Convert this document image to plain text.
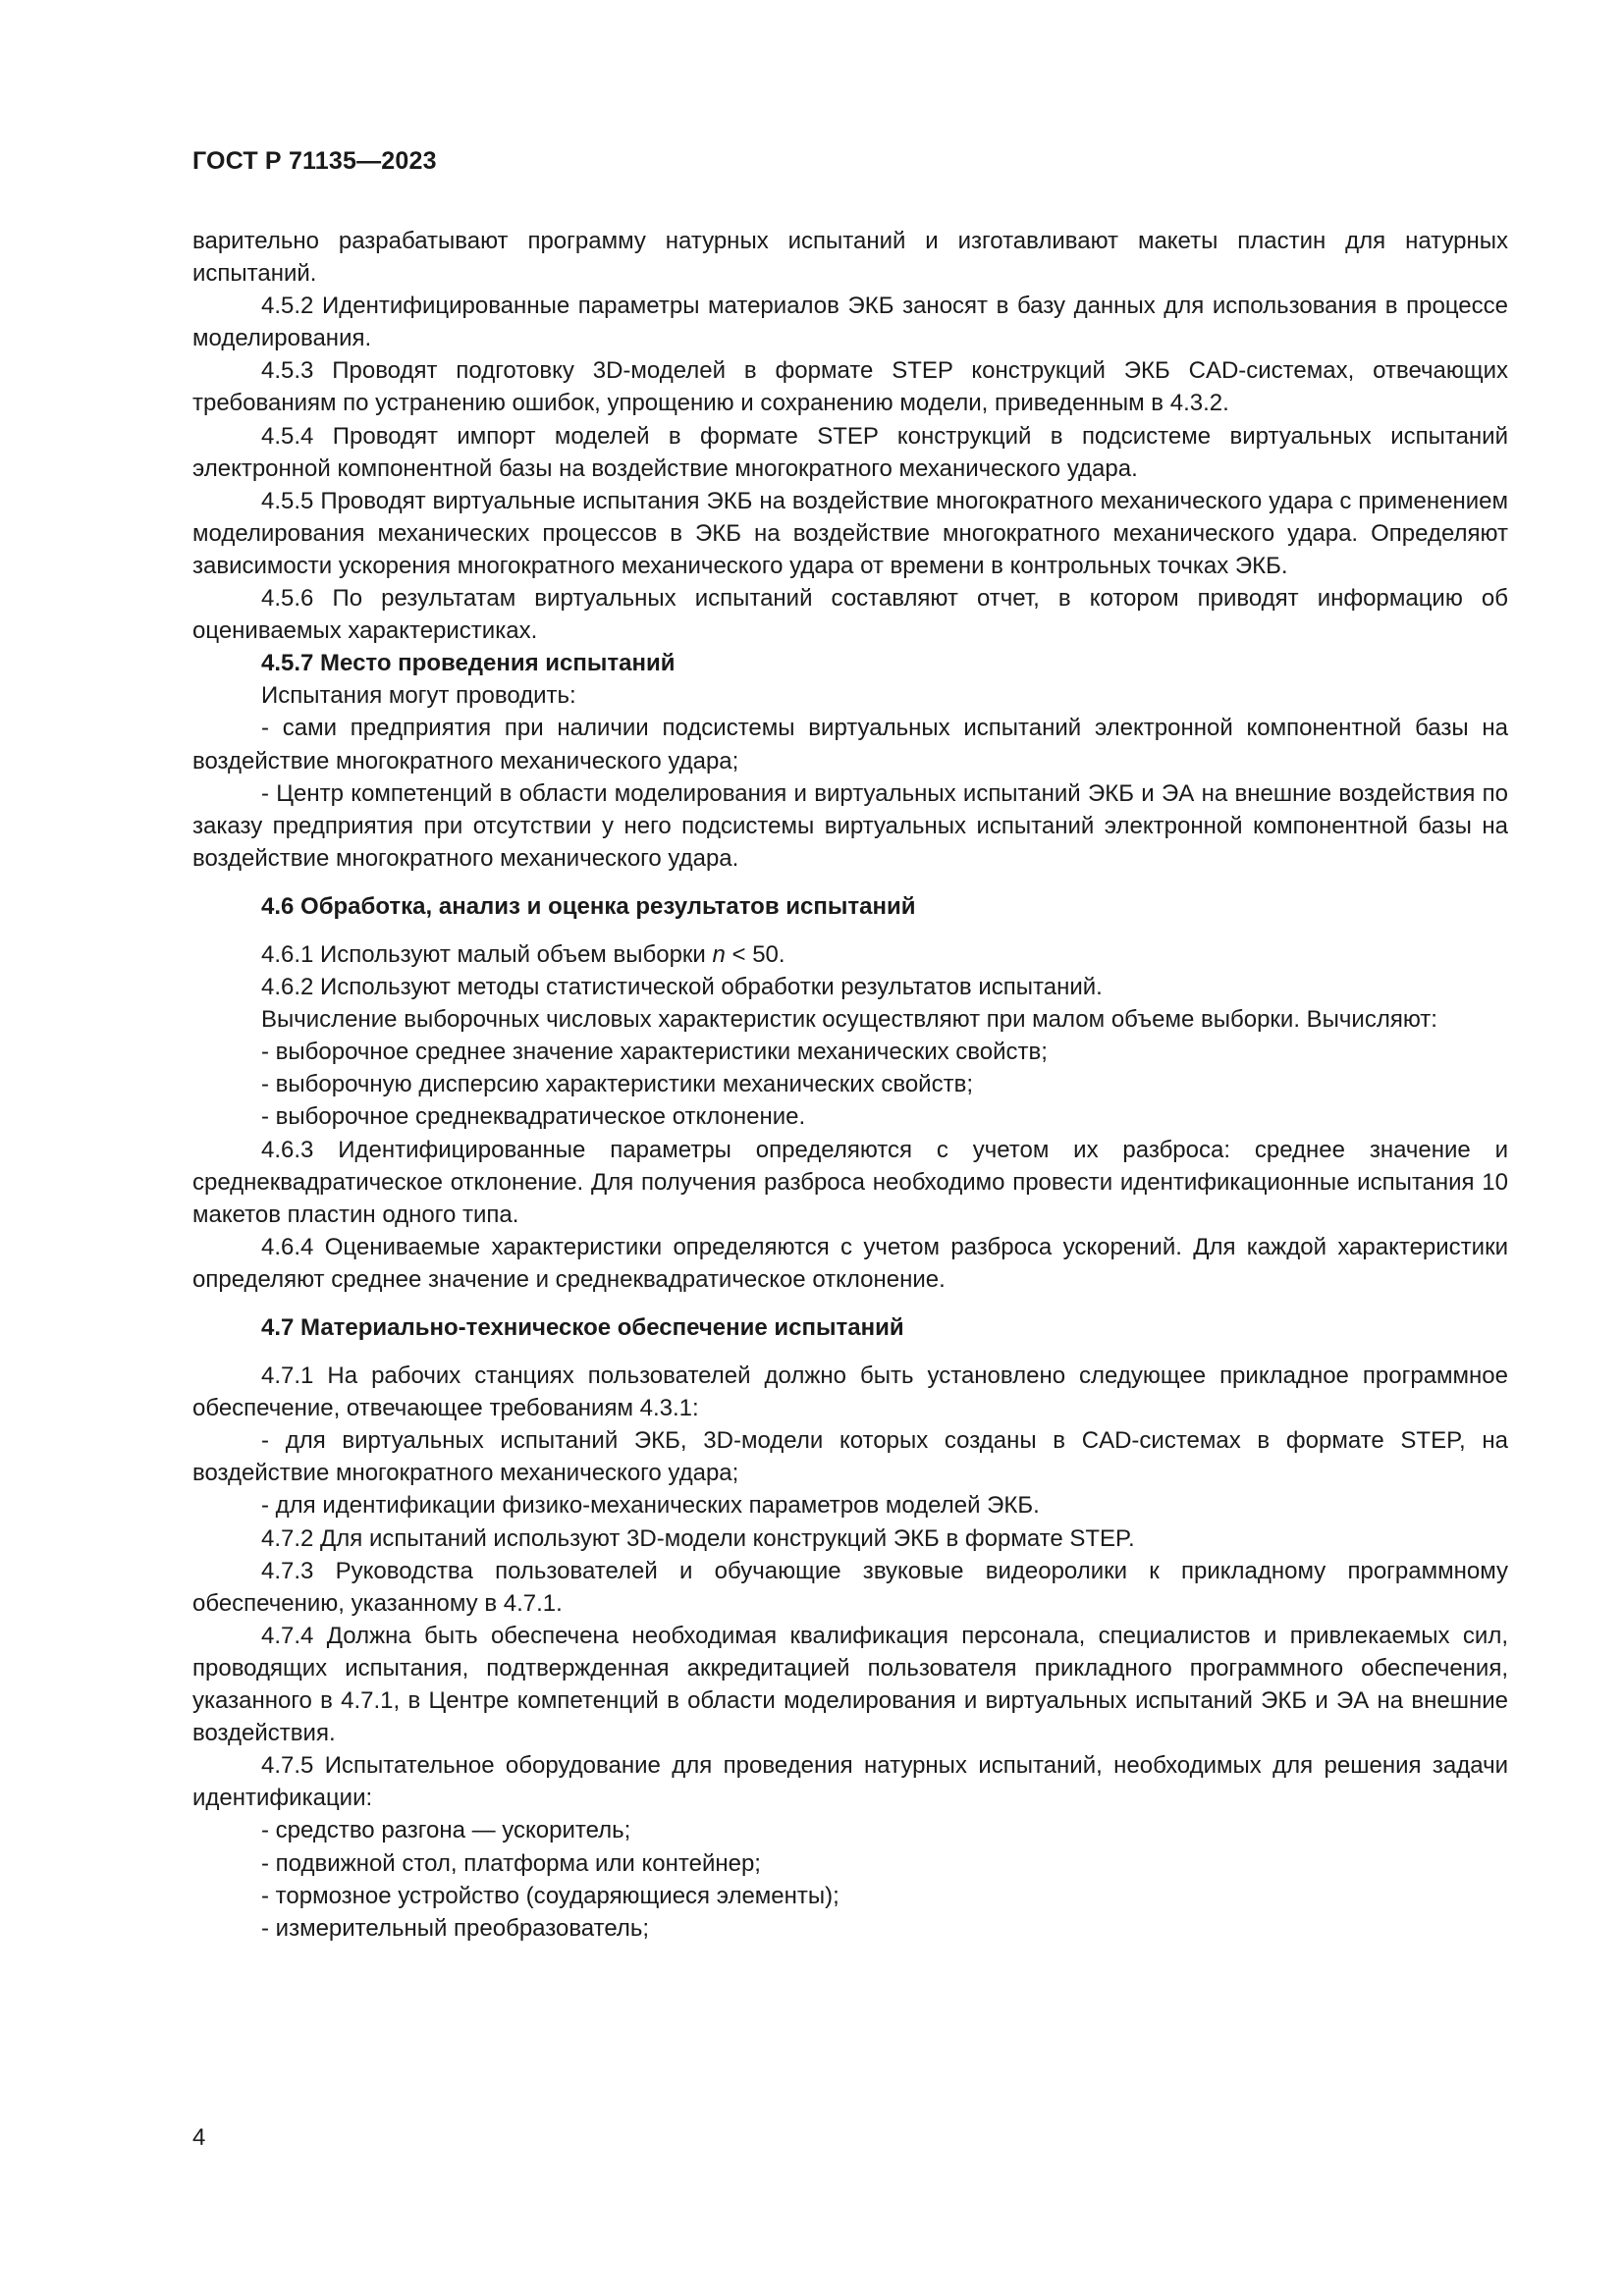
ГОСТ Р 71135—2023

варительно разрабатывают программу натурных испытаний и изготавливают макеты пластин для натурных испытаний.

4.5.2 Идентифицированные параметры материалов ЭКБ заносят в базу данных для использования в процессе моделирования.

4.5.3 Проводят подготовку 3D-моделей в формате STEP конструкций ЭКБ CAD-системах, отвечающих требованиям по устранению ошибок, упрощению и сохранению модели, приведенным в 4.3.2.

4.5.4 Проводят импорт моделей в формате STEP конструкций в подсистеме виртуальных испытаний электронной компонентной базы на воздействие многократного механического удара.

4.5.5 Проводят виртуальные испытания ЭКБ на воздействие многократного механического удара с применением моделирования механических процессов в ЭКБ на воздействие многократного механического удара. Определяют зависимости ускорения многократного механического удара от времени в контрольных точках ЭКБ.

4.5.6 По результатам виртуальных испытаний составляют отчет, в котором приводят информацию об оцениваемых характеристиках.

4.5.7 Место проведения испытаний

Испытания могут проводить:

- сами предприятия при наличии подсистемы виртуальных испытаний электронной компонентной базы на воздействие многократного механического удара;

- Центр компетенций в области моделирования и виртуальных испытаний ЭКБ и ЭА на внешние воздействия по заказу предприятия при отсутствии у него подсистемы виртуальных испытаний электронной компонентной базы на воздействие многократного механического удара.

4.6 Обработка, анализ и оценка результатов испытаний

4.6.1 Используют малый объем выборки n < 50.

4.6.2 Используют методы статистической обработки результатов испытаний.

Вычисление выборочных числовых характеристик осуществляют при малом объеме выборки. Вычисляют:

- выборочное среднее значение характеристики механических свойств;

- выборочную дисперсию характеристики механических свойств;

- выборочное среднеквадратическое отклонение.

4.6.3 Идентифицированные параметры определяются с учетом их разброса: среднее значение и среднеквадратическое отклонение. Для получения разброса необходимо провести идентификационные испытания 10 макетов пластин одного типа.

4.6.4 Оцениваемые характеристики определяются с учетом разброса ускорений. Для каждой характеристики определяют среднее значение и среднеквадратическое отклонение.

4.7 Материально-техническое обеспечение испытаний

4.7.1 На рабочих станциях пользователей должно быть установлено следующее прикладное программное обеспечение, отвечающее требованиям 4.3.1:

- для виртуальных испытаний ЭКБ, 3D-модели которых созданы в CAD-системах в формате STEP, на воздействие многократного механического удара;

- для идентификации физико-механических параметров моделей ЭКБ.

4.7.2 Для испытаний используют 3D-модели конструкций ЭКБ в формате STEP.

4.7.3 Руководства пользователей и обучающие звуковые видеоролики к прикладному программному обеспечению, указанному в 4.7.1.

4.7.4 Должна быть обеспечена необходимая квалификация персонала, специалистов и привлекаемых сил, проводящих испытания, подтвержденная аккредитацией пользователя прикладного программного обеспечения, указанного в 4.7.1, в Центре компетенций в области моделирования и виртуальных испытаний ЭКБ и ЭА на внешние воздействия.

4.7.5 Испытательное оборудование для проведения натурных испытаний, необходимых для решения задачи идентификации:

- средство разгона — ускоритель;

- подвижной стол, платформа или контейнер;

- тормозное устройство (соударяющиеся элементы);

- измерительный преобразователь;

4
